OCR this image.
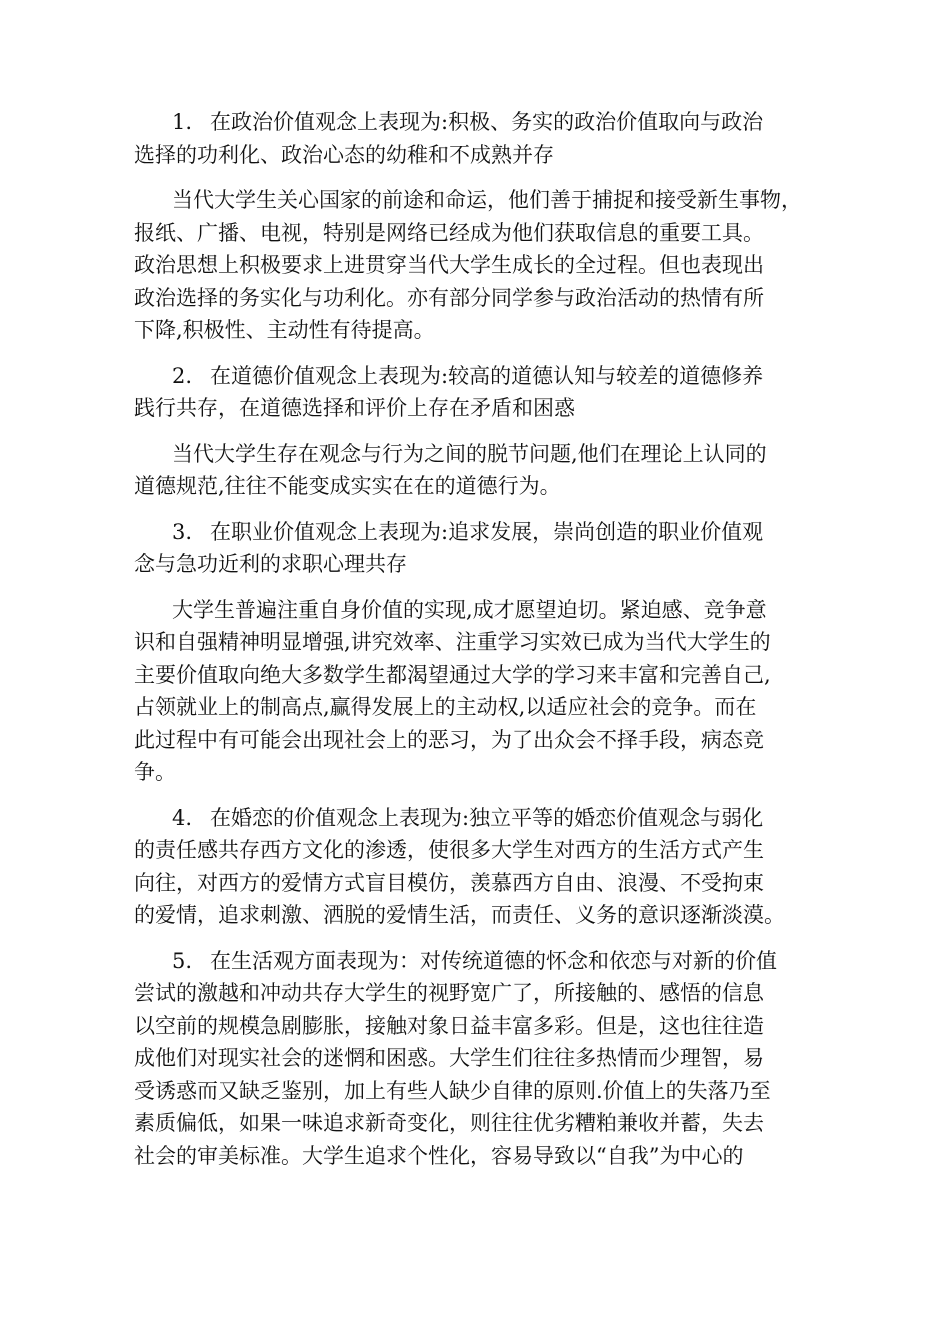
1. 在政治价值观念上表现为:积极、务实的政治价值取向与政治
选择的功利化、政治心态的幼稚和不成熟并存

当代大学生关心国家的前途和命运，他们善于捕捉和接受新生事物，
报纸、广播、电视，特别是网络已经成为他们获取信息的重要工具。
政治思想上积极要求上进贯穿当代大学生成长的全过程。但也表现出
政治选择的务实化与功利化。亦有部分同学参与政治活动的热情有所
下降,积极性、主动性有待提高。

2. 在道德价值观念上表现为:较高的道德认知与较差的道德修养
践行共存，在道德选择和评价上存在矛盾和困惑

当代大学生存在观念与行为之间的脱节问题,他们在理论上认同的
道德规范,往往不能变成实实在在的道德行为。

3. 在职业价值观念上表现为:追求发展，崇尚创造的职业价值观
念与急功近利的求职心理共存

大学生普遍注重自身价值的实现,成才愿望迫切。紧迫感、竞争意
识和自强精神明显增强,讲究效率、注重学习实效已成为当代大学生的
主要价值取向绝大多数学生都渴望通过大学的学习来丰富和完善自己,
占领就业上的制高点,赢得发展上的主动权,以适应社会的竞争。而在
此过程中有可能会出现社会上的恶习，为了出众会不择手段，病态竞
争。

4. 在婚恋的价值观念上表现为:独立平等的婚恋价值观念与弱化
的责任感共存西方文化的渗透，使很多大学生对西方的生活方式产生
向往，对西方的爱情方式盲目模仿，羡慕西方自由、浪漫、不受拘束
的爱情，追求刺激、洒脱的爱情生活，而责任、义务的意识逐渐淡漠。

5. 在生活观方面表现为：对传统道德的怀念和依恋与对新的价值
尝试的激越和冲动共存大学生的视野宽广了，所接触的、感悟的信息
以空前的规模急剧膨胀，接触对象日益丰富多彩。但是，这也往往造
成他们对现实社会的迷惘和困惑。大学生们往往多热情而少理智，易
受诱惑而又缺乏鉴别，加上有些人缺少自律的原则.价值上的失落乃至
素质偏低，如果一味追求新奇变化，则往往优劣糟粕兼收并蓄，失去
社会的审美标准。大学生追求个性化，容易导致以“自我”为中心的
